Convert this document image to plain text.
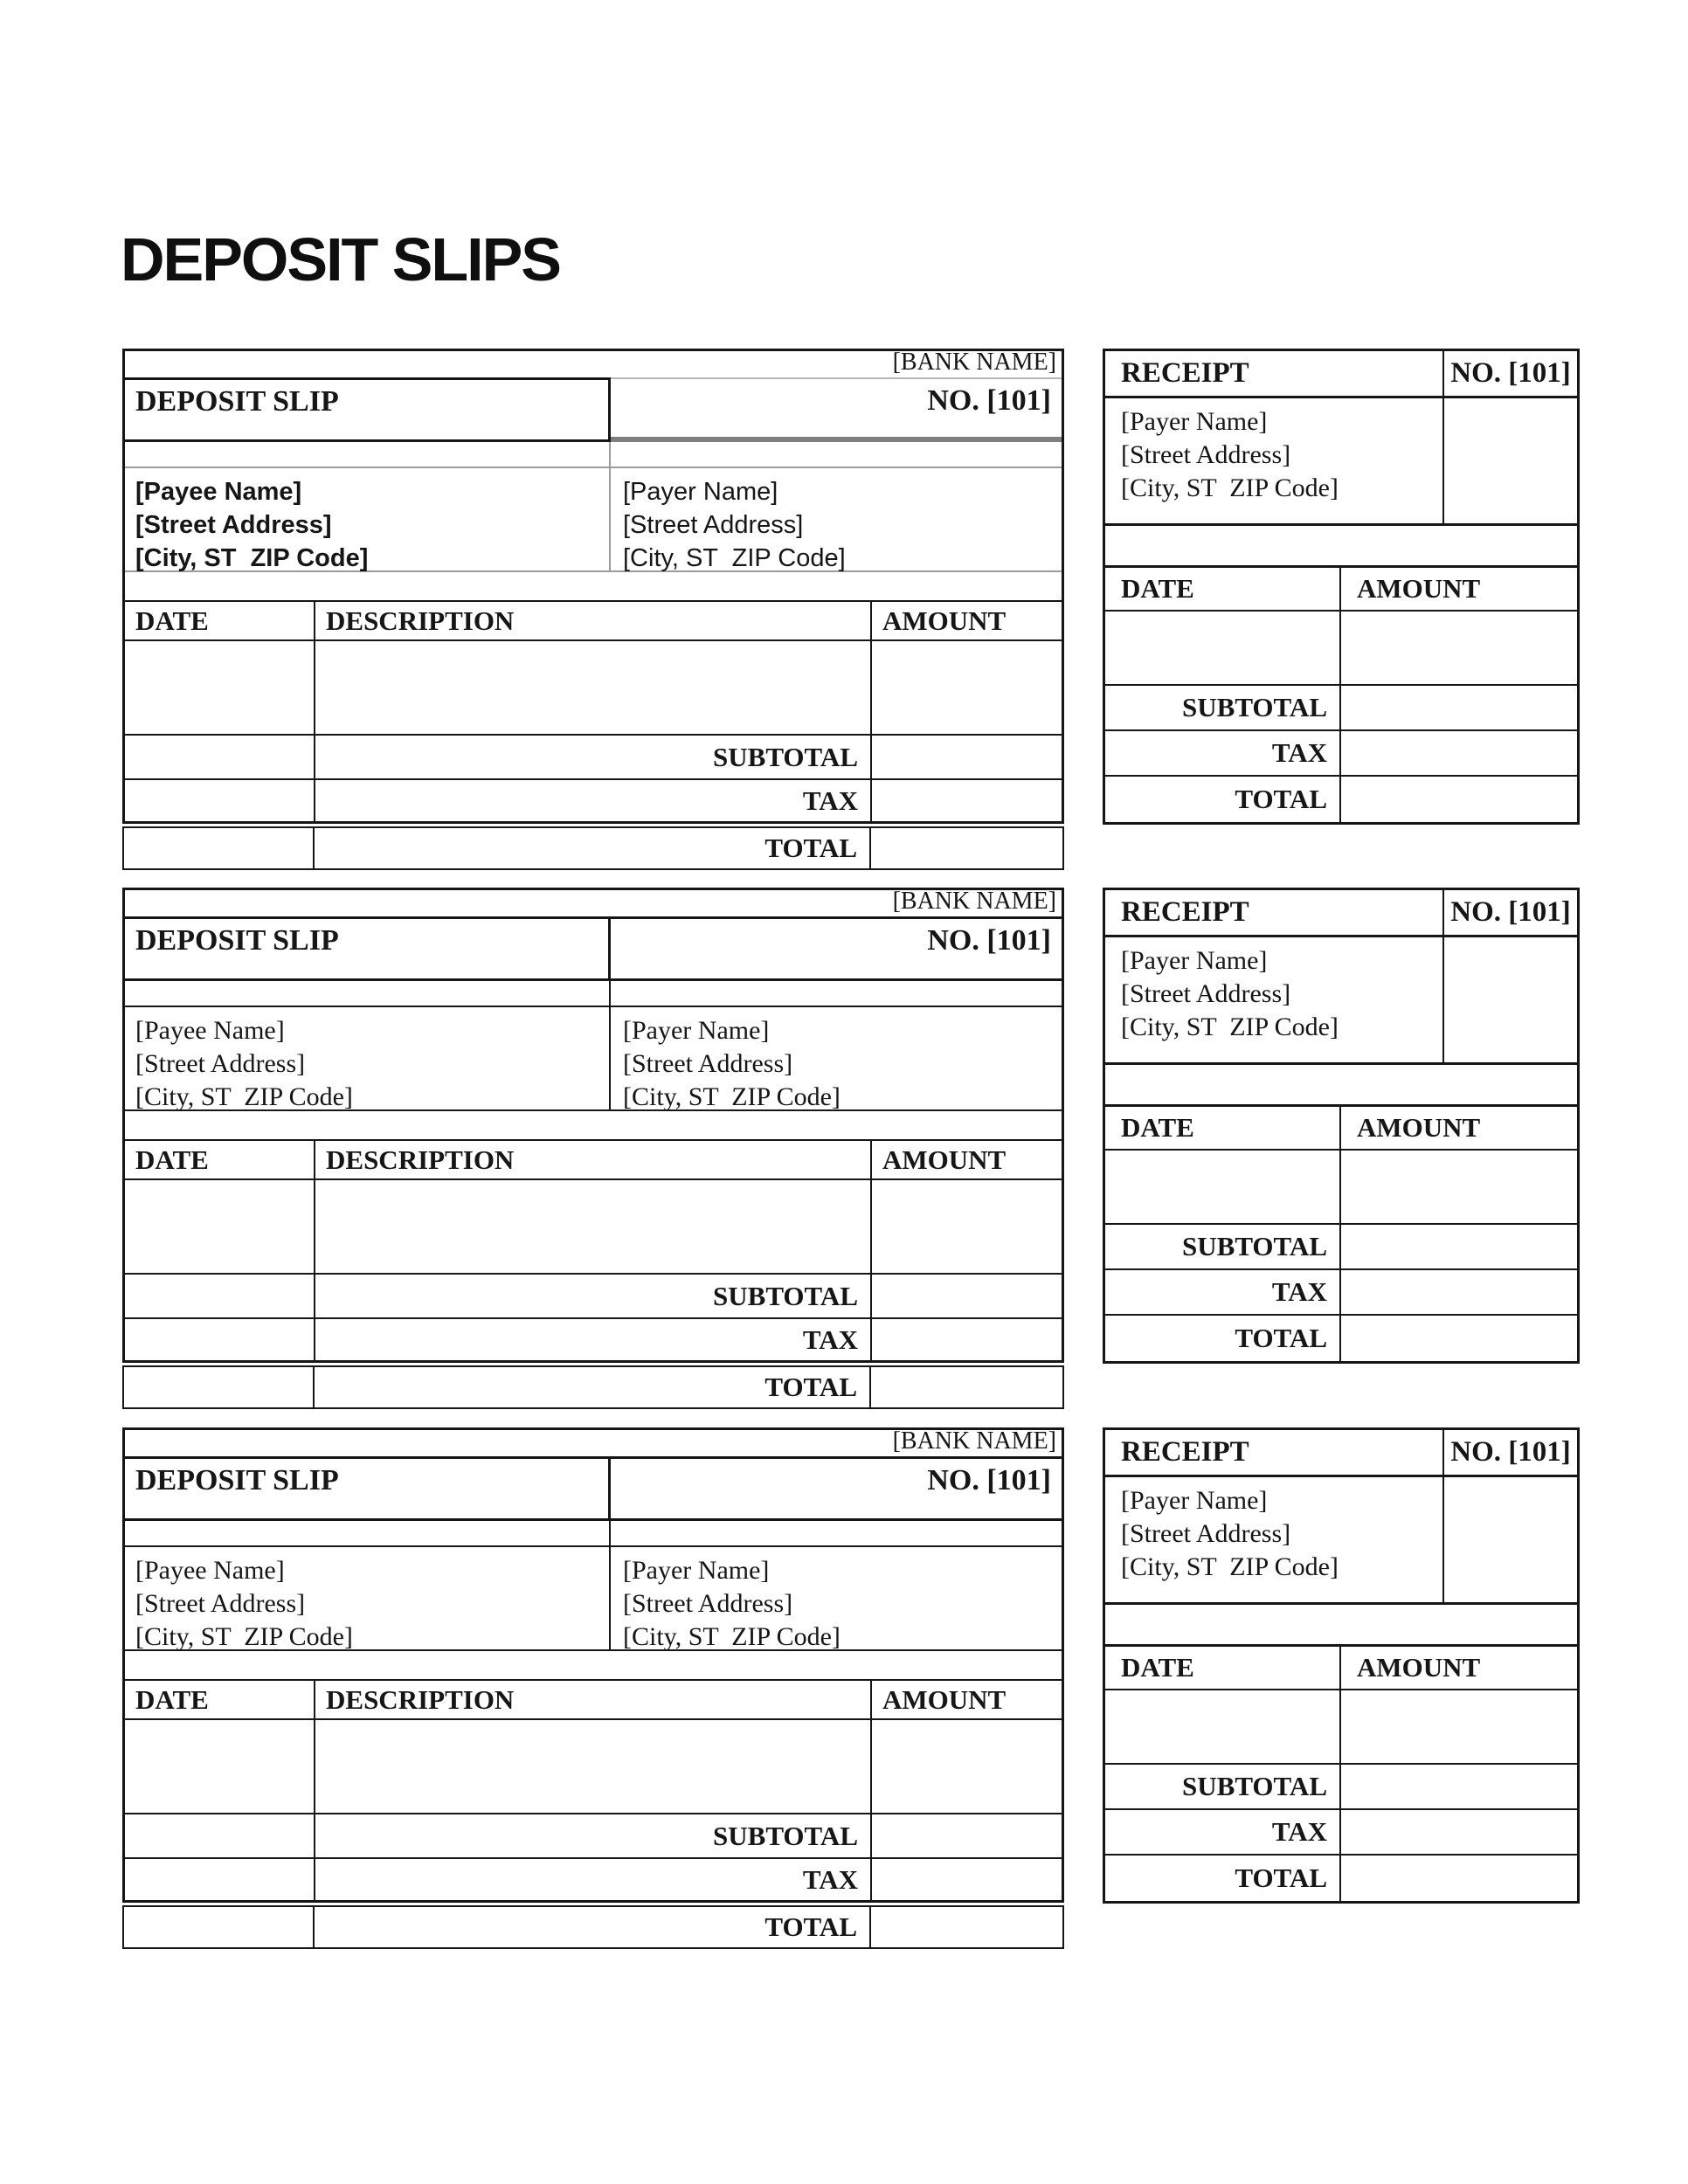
DEPOSIT SLIPS
[BANK NAME]
DEPOSIT SLIP	NO. [101]
[Payee Name]
[Street Address]
[City, ST  ZIP Code]
[Payer Name]
[Street Address]
[City, ST  ZIP Code]
DATE	DESCRIPTION	AMOUNT
SUBTOTAL
TAX
TOTAL
RECEIPT	NO. [101]
[Payer Name]
[Street Address]
[City, ST  ZIP Code]
DATE	AMOUNT
SUBTOTAL
TAX
TOTAL
[BANK NAME]
DEPOSIT SLIP	NO. [101]
[Payee Name]
[Street Address]
[City, ST  ZIP Code]
[Payer Name]
[Street Address]
[City, ST  ZIP Code]
DATE	DESCRIPTION	AMOUNT
SUBTOTAL
TAX
TOTAL
RECEIPT	NO. [101]
[Payer Name]
[Street Address]
[City, ST  ZIP Code]
DATE	AMOUNT
SUBTOTAL
TAX
TOTAL
[BANK NAME]
DEPOSIT SLIP	NO. [101]
[Payee Name]
[Street Address]
[City, ST  ZIP Code]
[Payer Name]
[Street Address]
[City, ST  ZIP Code]
DATE	DESCRIPTION	AMOUNT
SUBTOTAL
TAX
TOTAL
RECEIPT	NO. [101]
[Payer Name]
[Street Address]
[City, ST  ZIP Code]
DATE	AMOUNT
SUBTOTAL
TAX
TOTAL
